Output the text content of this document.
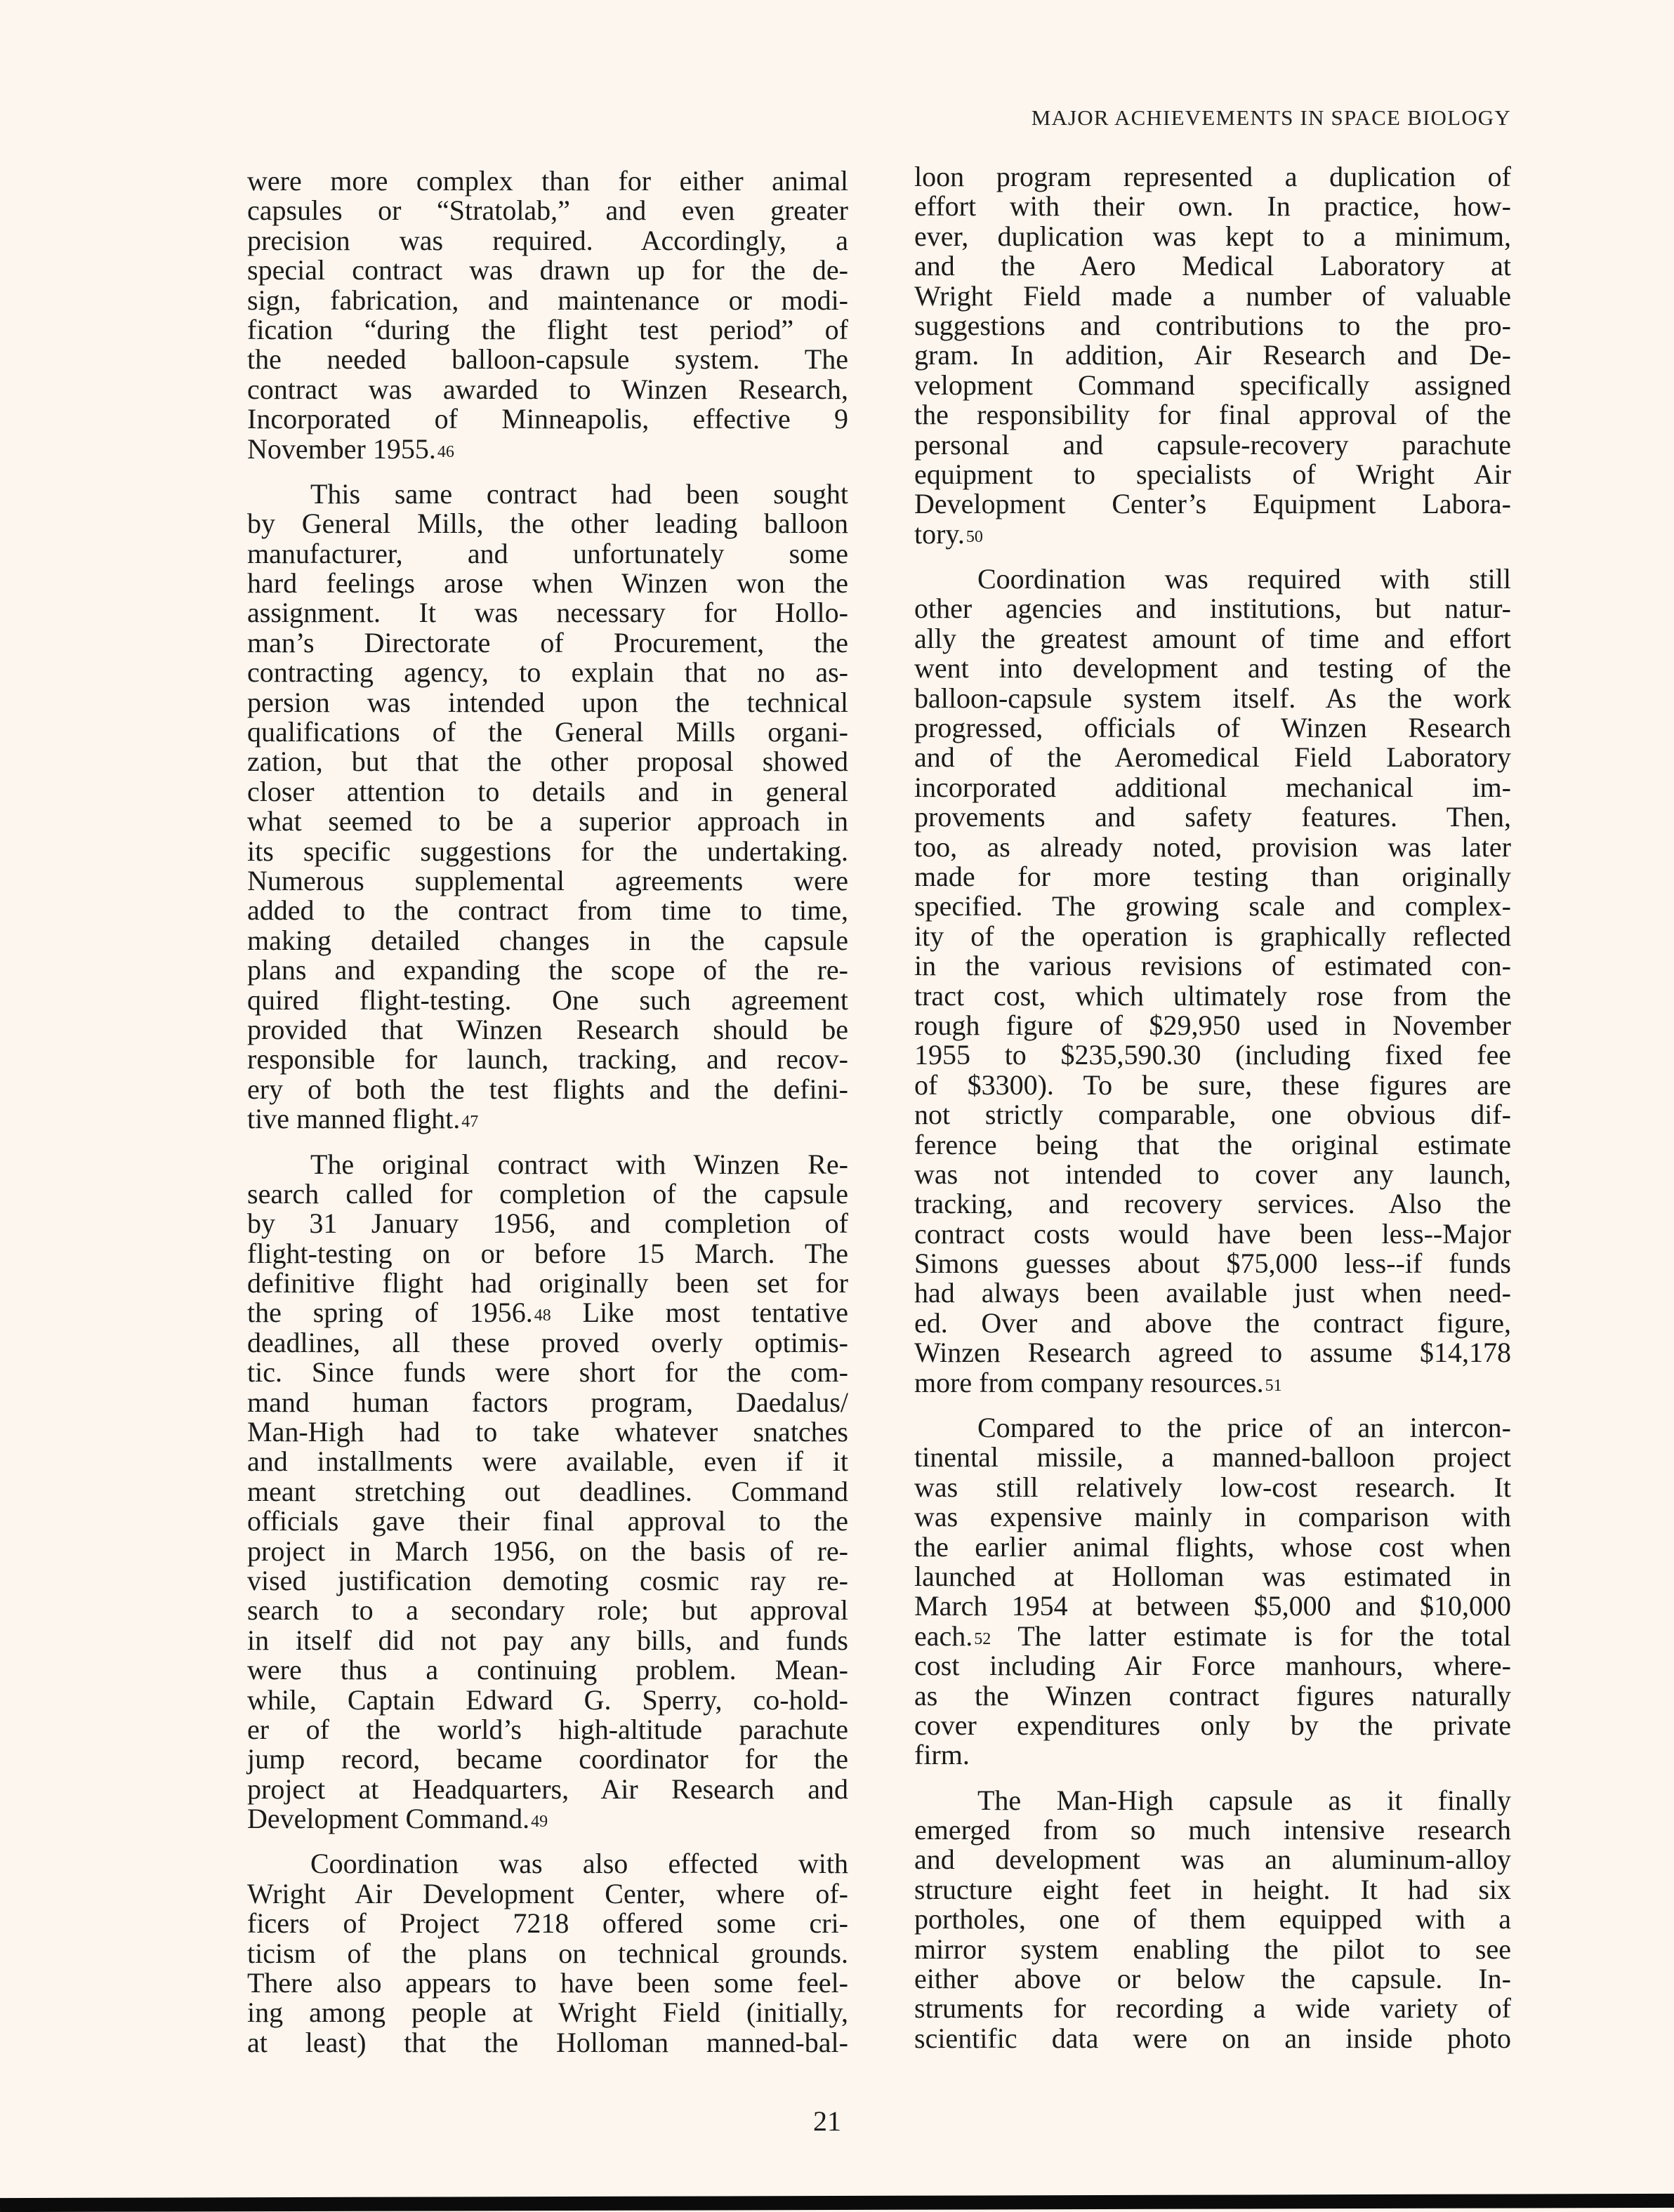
MAJOR ACHIEVEMENTS IN SPACE BIOLOGY
were more complex than for either animal
capsules or “Stratolab,” and even greater
precision was required. Accordingly, a
special contract was drawn up for the de-
sign, fabrication, and maintenance or modi-
fication “during the flight test period” of
the needed balloon-capsule system. The
contract was awarded to Winzen Research,
Incorporated of Minneapolis, effective 9
November 1955.46
This same contract had been sought
by General Mills, the other leading balloon
manufacturer, and unfortunately some
hard feelings arose when Winzen won the
assignment. It was necessary for Hollo-
man’s Directorate of Procurement, the
contracting agency, to explain that no as-
persion was intended upon the technical
qualifications of the General Mills organi-
zation, but that the other proposal showed
closer attention to details and in general
what seemed to be a superior approach in
its specific suggestions for the undertaking.
Numerous supplemental agreements were
added to the contract from time to time,
making detailed changes in the capsule
plans and expanding the scope of the re-
quired flight-testing. One such agreement
provided that Winzen Research should be
responsible for launch, tracking, and recov-
ery of both the test flights and the defini-
tive manned flight.47
The original contract with Winzen Re-
search called for completion of the capsule
by 31 January 1956, and completion of
flight-testing on or before 15 March. The
definitive flight had originally been set for
the spring of 1956.48 Like most tentative
deadlines, all these proved overly optimis-
tic. Since funds were short for the com-
mand human factors program, Daedalus/
Man-High had to take whatever snatches
and installments were available, even if it
meant stretching out deadlines. Command
officials gave their final approval to the
project in March 1956, on the basis of re-
vised justification demoting cosmic ray re-
search to a secondary role; but approval
in itself did not pay any bills, and funds
were thus a continuing problem. Mean-
while, Captain Edward G. Sperry, co-hold-
er of the world’s high-altitude parachute
jump record, became coordinator for the
project at Headquarters, Air Research and
Development Command.49
Coordination was also effected with
Wright Air Development Center, where of-
ficers of Project 7218 offered some cri-
ticism of the plans on technical grounds.
There also appears to have been some feel-
ing among people at Wright Field (initially,
at least) that the Holloman manned-bal-
loon program represented a duplication of
effort with their own. In practice, how-
ever, duplication was kept to a minimum,
and the Aero Medical Laboratory at
Wright Field made a number of valuable
suggestions and contributions to the pro-
gram. In addition, Air Research and De-
velopment Command specifically assigned
the responsibility for final approval of the
personal and capsule-recovery parachute
equipment to specialists of Wright Air
Development Center’s Equipment Labora-
tory.50
Coordination was required with still
other agencies and institutions, but natur-
ally the greatest amount of time and effort
went into development and testing of the
balloon-capsule system itself. As the work
progressed, officials of Winzen Research
and of the Aeromedical Field Laboratory
incorporated additional mechanical im-
provements and safety features. Then,
too, as already noted, provision was later
made for more testing than originally
specified. The growing scale and complex-
ity of the operation is graphically reflected
in the various revisions of estimated con-
tract cost, which ultimately rose from the
rough figure of $29,950 used in November
1955 to $235,590.30 (including fixed fee
of $3300). To be sure, these figures are
not strictly comparable, one obvious dif-
ference being that the original estimate
was not intended to cover any launch,
tracking, and recovery services. Also the
contract costs would have been less--Major
Simons guesses about $75,000 less--if funds
had always been available just when need-
ed. Over and above the contract figure,
Winzen Research agreed to assume $14,178
more from company resources.51
Compared to the price of an intercon-
tinental missile, a manned-balloon project
was still relatively low-cost research. It
was expensive mainly in comparison with
the earlier animal flights, whose cost when
launched at Holloman was estimated in
March 1954 at between $5,000 and $10,000
each.52 The latter estimate is for the total
cost including Air Force manhours, where-
as the Winzen contract figures naturally
cover expenditures only by the private
firm.
The Man-High capsule as it finally
emerged from so much intensive research
and development was an aluminum-alloy
structure eight feet in height. It had six
portholes, one of them equipped with a
mirror system enabling the pilot to see
either above or below the capsule. In-
struments for recording a wide variety of
scientific data were on an inside photo
21
